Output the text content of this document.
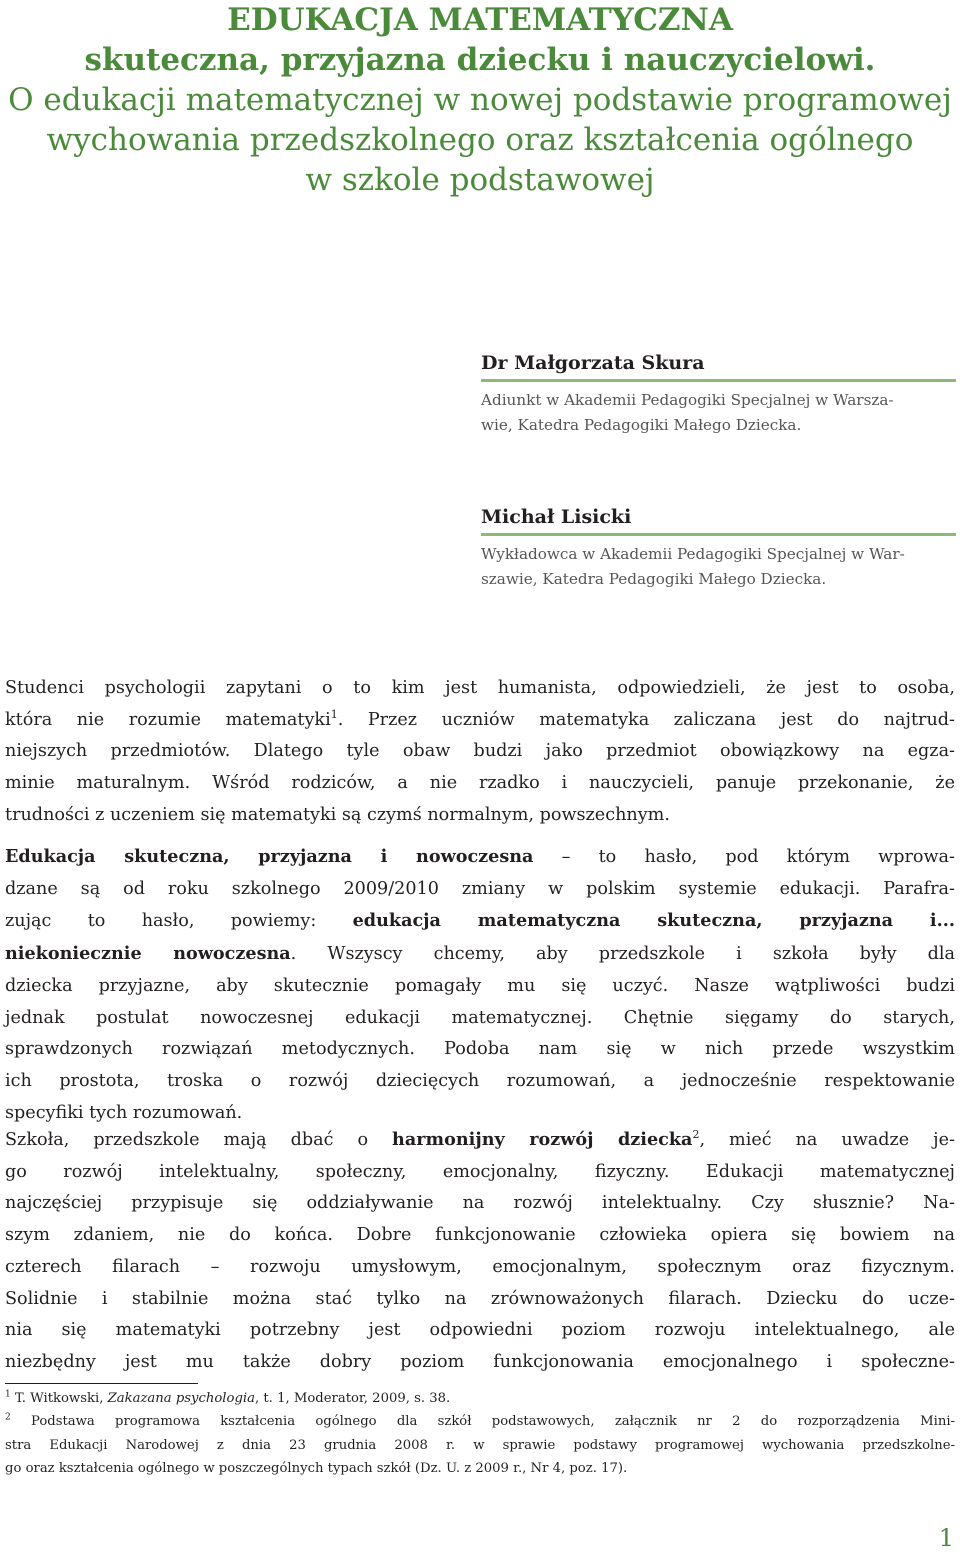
EDUKACJA MATEMATYCZNA
skuteczna, przyjazna dziecku i nauczycielowi.
O edukacji matematycznej w nowej podstawie programowej
wychowania przedszkolnego oraz kształcenia ogólnego
w szkole podstawowej

Dr Małgorzata Skura

Adiunkt w Akademii Pedagogiki Specjalnej w Warsza-
wie, Katedra Pedagogiki Małego Dziecka.

Michał Lisicki

Wykładowca w Akademii Pedagogiki Specjalnej w War-
szawie, Katedra Pedagogiki Małego Dziecka.

Studenci psychologii zapytani o to kim jest humanista, odpowiedzieli, że jest to osoba,
która nie rozumie matematyki$^1$. Przez uczniów matematyka zaliczana jest do najtrud-
niejszych przedmiotów. Dlatego tyle obaw budzi jako przedmiot obowiązkowy na egza-
minie maturalnym. Wśród rodziców, a nie rzadko i nauczycieli, panuje przekonanie, że
trudności z uczeniem się matematyki są czymś normalnym, powszechnym.
Edukacja skuteczna, przyjazna i nowoczesna – to hasło, pod którym wprowa-
dzane są od roku szkolnego 2009/2010 zmiany w polskim systemie edukacji. Parafra-
zując to hasło, powiemy: edukacja matematyczna skuteczna, przyjazna i...
niekoniecznie nowoczesna. Wszyscy chcemy, aby przedszkole i szkoła były dla
dziecka przyjazne, aby skutecznie pomagały mu się uczyć. Nasze wątpliwości budzi
jednak postulat nowoczesnej edukacji matematycznej. Chętnie sięgamy do starych,
sprawdzonych rozwiązań metodycznych. Podoba nam się w nich przede wszystkim
ich prostota, troska o rozwój dziecięcych rozumowań, a jednocześnie respektowanie
specyfiki tych rozumowań.
Szkoła, przedszkole mają dbać o harmonijny rozwój dziecka$^2$, mieć na uwadze je-
go rozwój intelektualny, społeczny, emocjonalny, fizyczny. Edukacji matematycznej
najczęściej przypisuje się oddziaływanie na rozwój intelektualny. Czy słusznie? Na-
szym zdaniem, nie do końca. Dobre funkcjonowanie człowieka opiera się bowiem na
czterech filarach – rozwoju umysłowym, emocjonalnym, społecznym oraz fizycznym.
Solidnie i stabilnie można stać tylko na zrównoważonych filarach. Dziecku do ucze-
nia się matematyki potrzebny jest odpowiedni poziom rozwoju intelektualnego, ale
niezbędny jest mu także dobry poziom funkcjonowania emocjonalnego i społeczne-
$^1$ T. Witkowski, Zakazana psychologia, t. 1, Moderator, 2009, s. 38.
$^2$ Podstawa programowa kształcenia ogólnego dla szkół podstawowych, załącznik nr 2 do rozporządzenia Mini-
stra Edukacji Narodowej z dnia 23 grudnia 2008 r. w sprawie podstawy programowej wychowania przedszkolne-
go oraz kształcenia ogólnego w poszczególnych typach szkół (Dz. U. z 2009 r., Nr 4, poz. 17).
1
